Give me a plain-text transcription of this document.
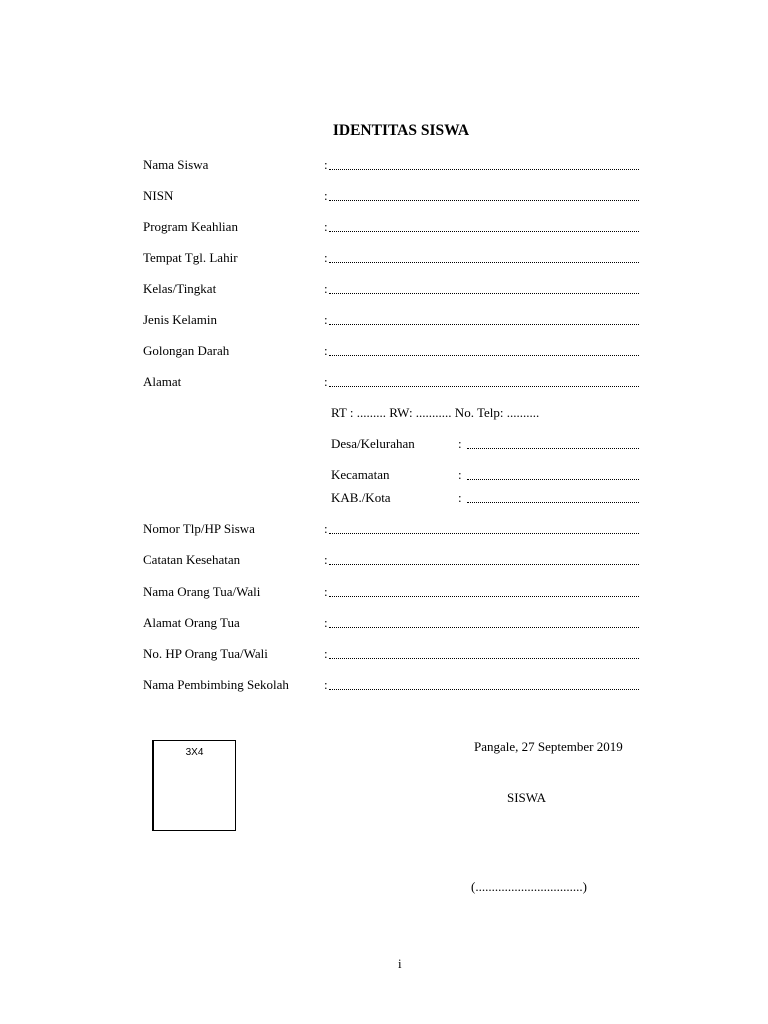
IDENTITAS SISWA
Nama Siswa	:
NISN	:
Program Keahlian	:
Tempat Tgl. Lahir	:
Kelas/Tingkat	:
Jenis Kelamin	:
Golongan Darah	:
Alamat	:
RT : ......... RW: ........... No. Telp: ..........
Desa/Kelurahan	:
Kecamatan	:
KAB./Kota	:
Nomor Tlp/HP Siswa	:
Catatan Kesehatan	:
Nama Orang Tua/Wali	:
Alamat Orang Tua	:
No. HP Orang Tua/Wali	:
Nama Pembimbing Sekolah	:
3X4	Pangale, 27 September 2019
SISWA
(.................................)
i
